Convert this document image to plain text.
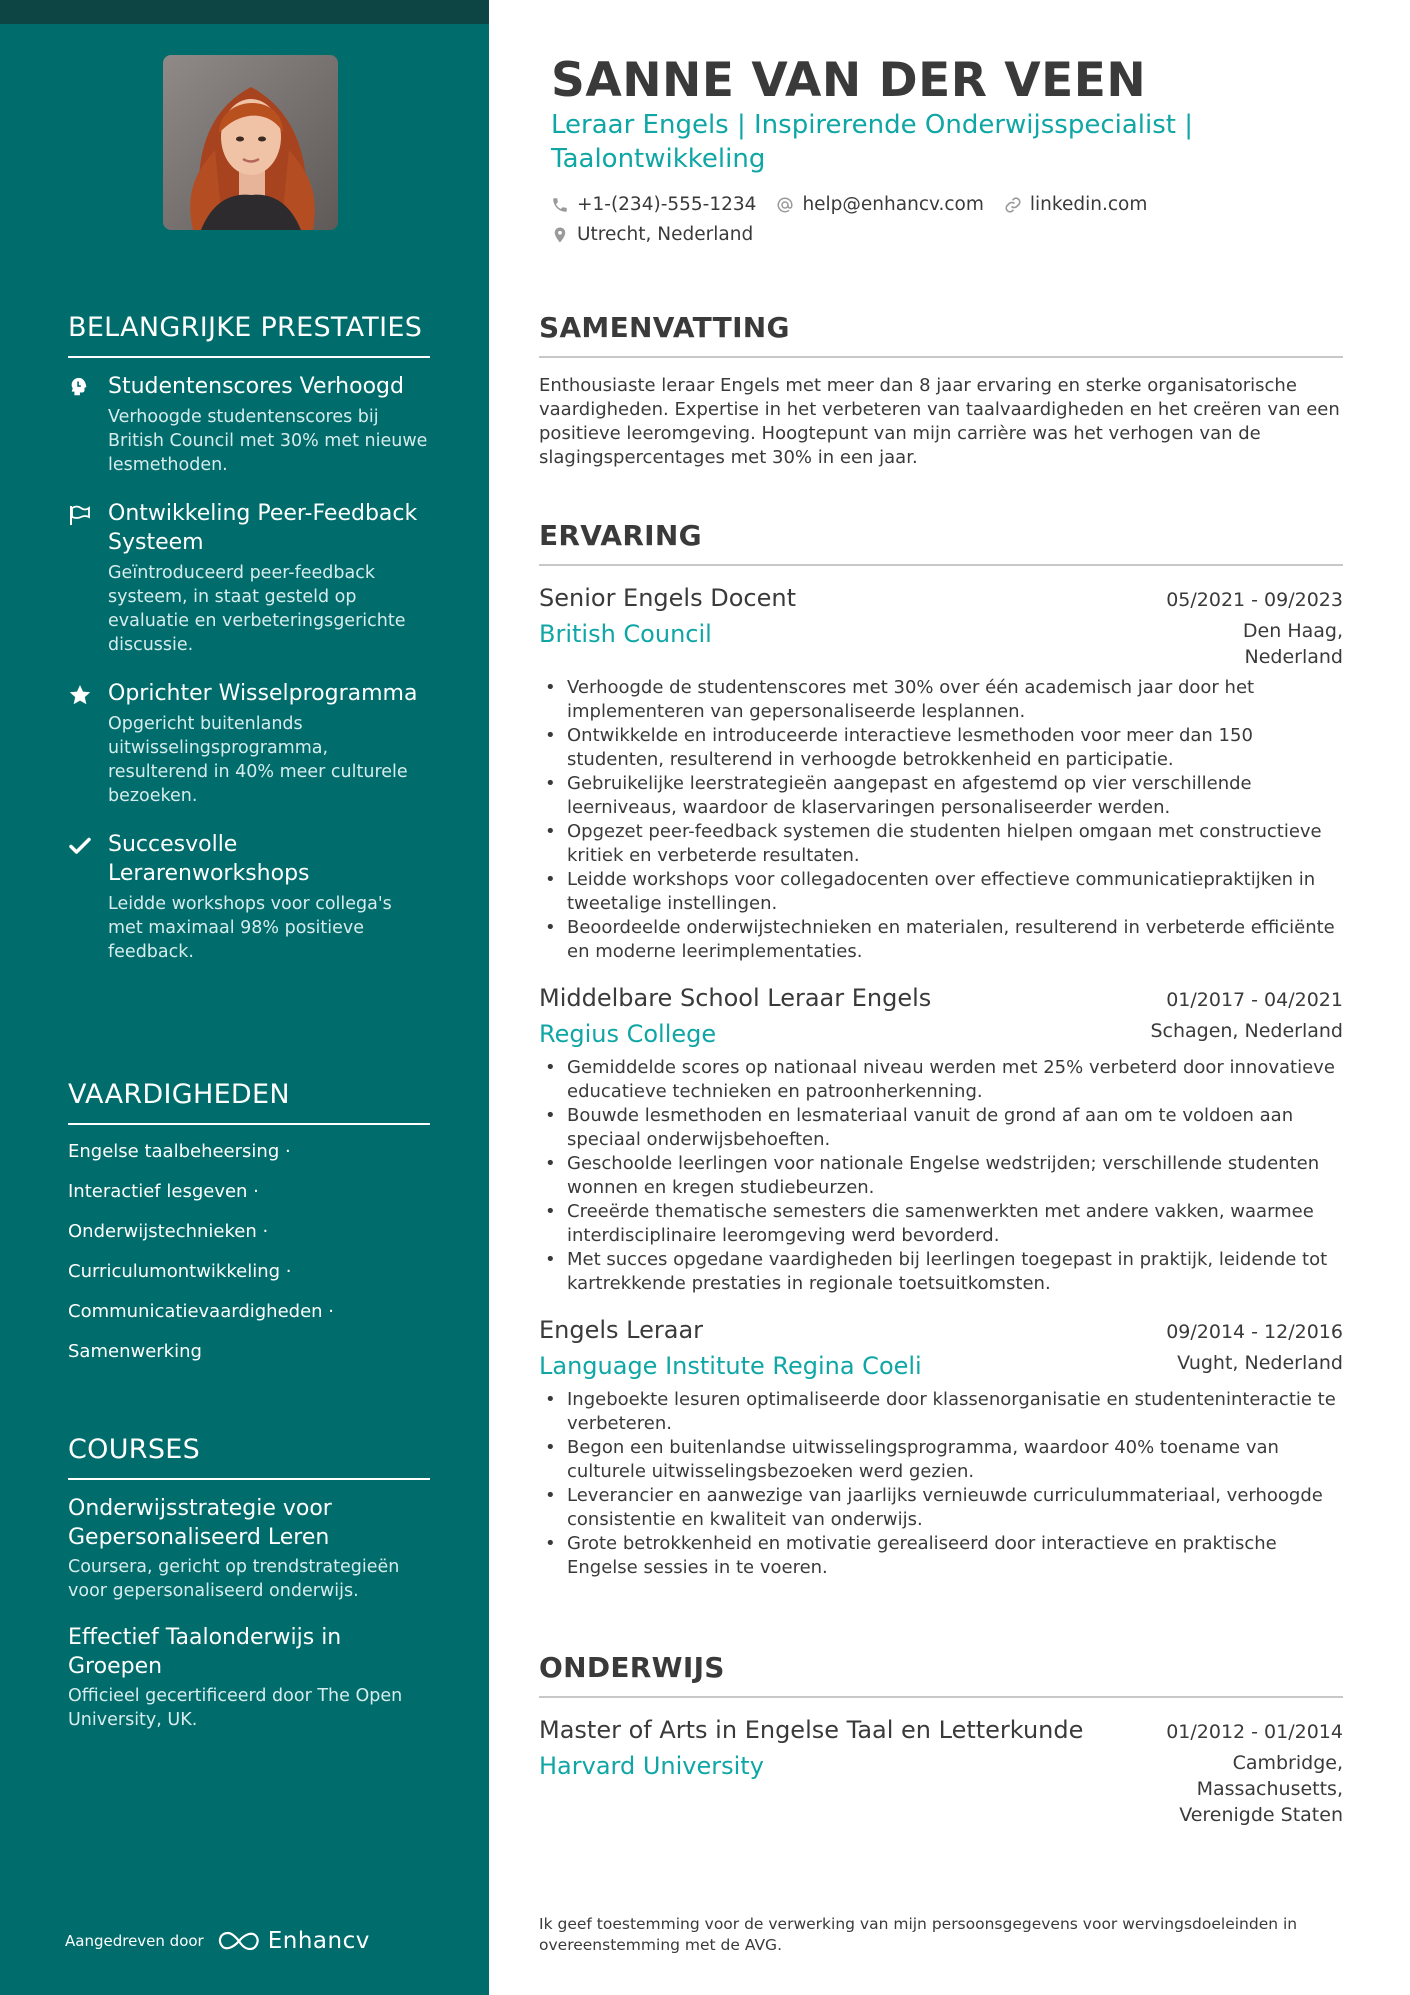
BELANGRIJKE PRESTATIES
Studentenscores Verhoogd
Verhoogde studentenscores bij British Council met 30% met nieuwe lesmethoden.
Ontwikkeling Peer-Feedback Systeem
Geïntroduceerd peer-feedback systeem, in staat gesteld op evaluatie en verbeteringsgerichte discussie.
Oprichter Wisselprogramma
Opgericht buitenlands uitwisselingsprogramma, resulterend in 40% meer culturele bezoeken.
Succesvolle Lerarenworkshops
Leidde workshops voor collega's met maximaal 98% positieve feedback.
VAARDIGHEDEN
Engelse taalbeheersing ·
Interactief lesgeven ·
Onderwijstechnieken ·
Curriculumontwikkeling ·
Communicatievaardigheden ·
Samenwerking
COURSES
Onderwijsstrategie voor Gepersonaliseerd Leren
Coursera, gericht op trendstrategieën voor gepersonaliseerd onderwijs.
Effectief Taalonderwijs in Groepen
Officieel gecertificeerd door The Open University, UK.
Aangedreven door	Enhancv
SANNE VAN DER VEEN
Leraar Engels | Inspirerende Onderwijsspecialist | Taalontwikkeling
+1-(234)-555-1234 help@enhancv.com linkedin.com
Utrecht, Nederland
SAMENVATTING

Enthousiaste leraar Engels met meer dan 8 jaar ervaring en sterke organisatorische vaardigheden. Expertise in het verbeteren van taalvaardigheden en het creëren van een positieve leeromgeving. Hoogtepunt van mijn carrière was het verhogen van de slagingspercentages met 30% in een jaar.

ERVARING
Senior Engels Docent	05/2021 - 09/2023
British Council	Den Haag, Nederland
• Verhoogde de studentenscores met 30% over één academisch jaar door het implementeren van gepersonaliseerde lesplannen.
• Ontwikkelde en introduceerde interactieve lesmethoden voor meer dan 150 studenten, resulterend in verhoogde betrokkenheid en participatie.
• Gebruikelijke leerstrategieën aangepast en afgestemd op vier verschillende leerniveaus, waardoor de klaservaringen personaliseerder werden.
• Opgezet peer-feedback systemen die studenten hielpen omgaan met constructieve kritiek en verbeterde resultaten.
• Leidde workshops voor collegadocenten over effectieve communicatiepraktijken in tweetalige instellingen.
• Beoordeelde onderwijstechnieken en materialen, resulterend in verbeterde efficiënte en moderne leerimplementaties.
Middelbare School Leraar Engels	01/2017 - 04/2021
Regius College	Schagen, Nederland
• Gemiddelde scores op nationaal niveau werden met 25% verbeterd door innovatieve educatieve technieken en patroonherkenning.
• Bouwde lesmethoden en lesmateriaal vanuit de grond af aan om te voldoen aan speciaal onderwijsbehoeften.
• Geschoolde leerlingen voor nationale Engelse wedstrijden; verschillende studenten wonnen en kregen studiebeurzen.
• Creeërde thematische semesters die samenwerkten met andere vakken, waarmee interdisciplinaire leeromgeving werd bevorderd.
• Met succes opgedane vaardigheden bij leerlingen toegepast in praktijk, leidende tot kartrekkende prestaties in regionale toetsuitkomsten.
Engels Leraar	09/2014 - 12/2016
Language Institute Regina Coeli	Vught, Nederland
• Ingeboekte lesuren optimaliseerde door klassenorganisatie en studenteninteractie te verbeteren.
• Begon een buitenlandse uitwisselingsprogramma, waardoor 40% toename van culturele uitwisselingsbezoeken werd gezien.
• Leverancier en aanwezige van jaarlijks vernieuwde curriculummateriaal, verhoogde consistentie en kwaliteit van onderwijs.
• Grote betrokkenheid en motivatie gerealiseerd door interactieve en praktische Engelse sessies in te voeren.
ONDERWIJS
Master of Arts in Engelse Taal en Letterkunde	01/2012 - 01/2014
Harvard University	Cambridge, Massachusetts, Verenigde Staten

Ik geef toestemming voor de verwerking van mijn persoonsgegevens voor wervingsdoeleinden in overeenstemming met de AVG.
